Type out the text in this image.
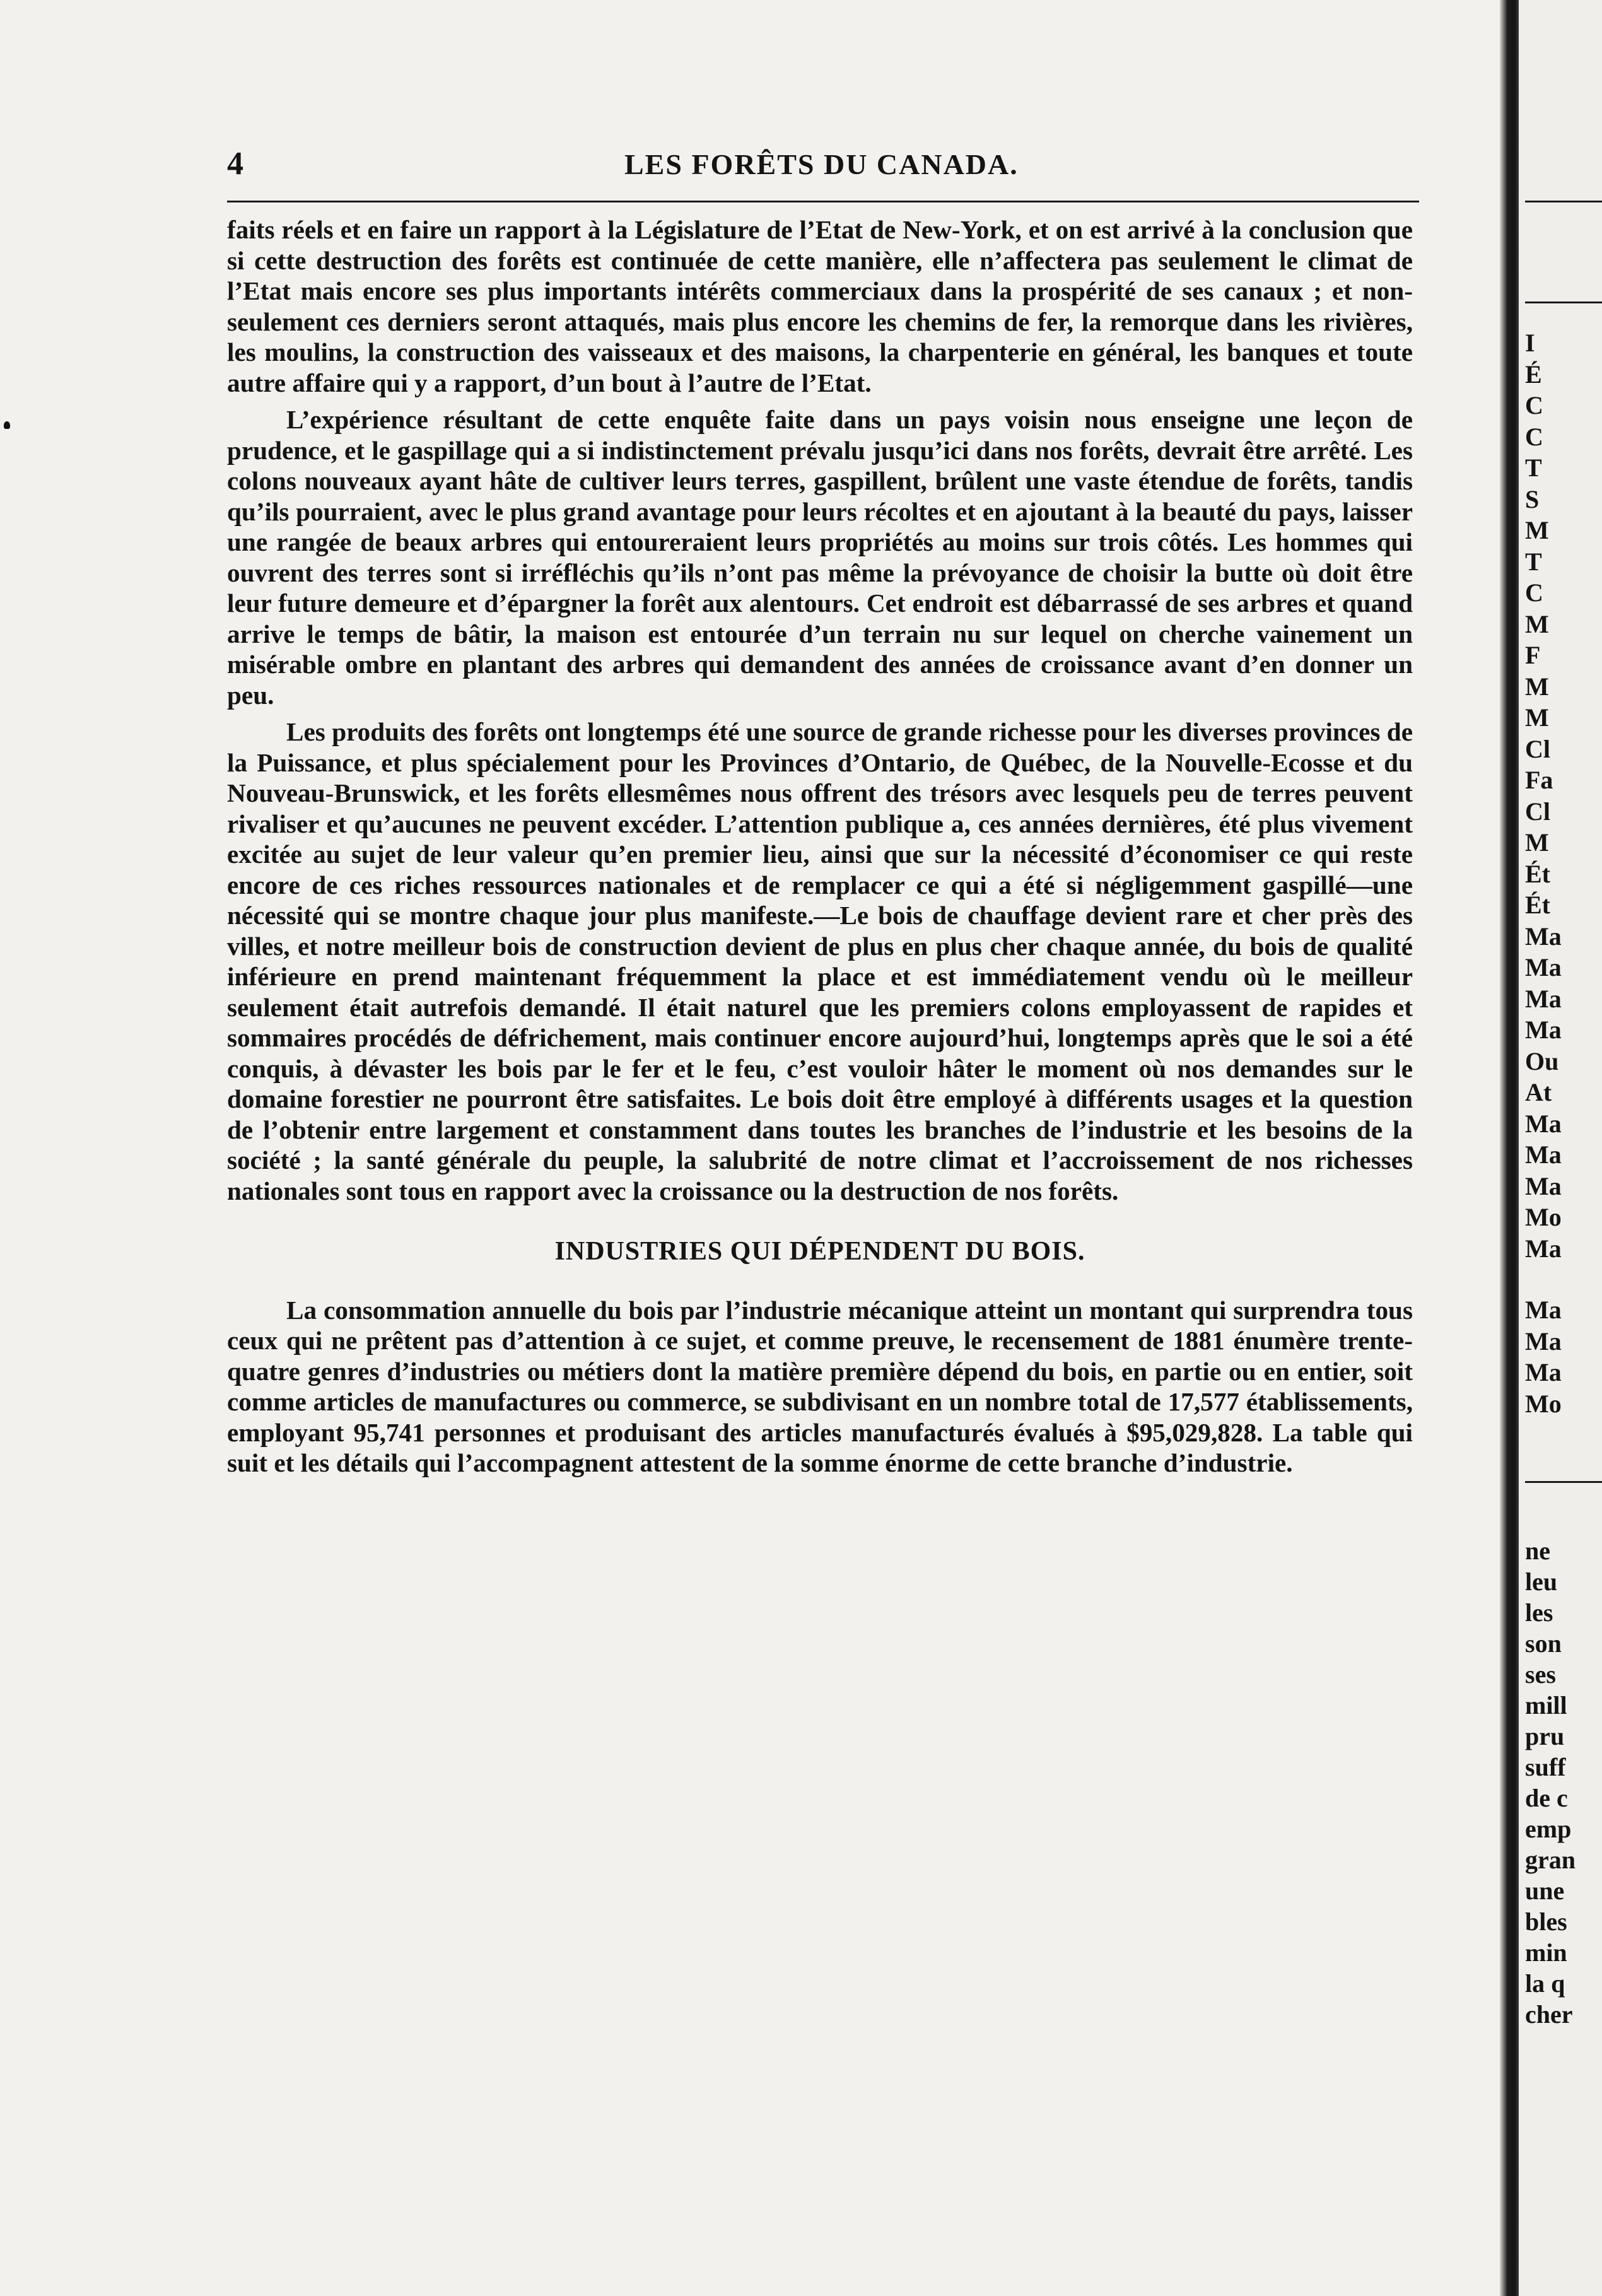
4	LES FORÊTS DU CANADA.

faits réels et en faire un rapport à la Législature de l’Etat de New-York, et on est arrivé à la conclusion que si cette destruction des forêts est continuée de cette manière, elle n’affectera pas seulement le climat de l’Etat mais encore ses plus importants intérêts commerciaux dans la prospérité de ses canaux ; et non-seulement ces derniers seront attaqués, mais plus encore les chemins de fer, la remorque dans les rivières, les moulins, la construction des vaisseaux et des maisons, la charpenterie en général, les banques et toute autre affaire qui y a rapport, d’un bout à l’autre de l’Etat.

L’expérience résultant de cette enquête faite dans un pays voisin nous enseigne une leçon de prudence, et le gaspillage qui a si indistinctement prévalu jusqu’ici dans nos forêts, devrait être arrêté. Les colons nouveaux ayant hâte de cultiver leurs terres, gaspillent, brûlent une vaste étendue de forêts, tandis qu’ils pourraient, avec le plus grand avantage pour leurs récoltes et en ajoutant à la beauté du pays, laisser une rangée de beaux arbres qui entoureraient leurs propriétés au moins sur trois côtés. Les hommes qui ouvrent des terres sont si irréfléchis qu’ils n’ont pas même la prévoyance de choisir la butte où doit être leur future demeure et d’épargner la forêt aux alentours. Cet endroit est débarrassé de ses arbres et quand arrive le temps de bâtir, la maison est entourée d’un terrain nu sur lequel on cherche vainement un misérable ombre en plantant des arbres qui demandent des années de croissance avant d’en donner un peu.

Les produits des forêts ont longtemps été une source de grande richesse pour les diverses provinces de la Puissance, et plus spécialement pour les Provinces d’Ontario, de Québec, de la Nouvelle-Ecosse et du Nouveau-Brunswick, et les forêts ellesmêmes nous offrent des trésors avec lesquels peu de terres peuvent rivaliser et qu’aucunes ne peuvent excéder. L’attention publique a, ces années dernières, été plus vivement excitée au sujet de leur valeur qu’en premier lieu, ainsi que sur la nécessité d’économiser ce qui reste encore de ces riches ressources nationales et de remplacer ce qui a été si négligemment gaspillé—une nécessité qui se montre chaque jour plus manifeste.—Le bois de chauffage devient rare et cher près des villes, et notre meilleur bois de construction devient de plus en plus cher chaque année, du bois de qualité inférieure en prend maintenant fréquemment la place et est immédiatement vendu où le meilleur seulement était autrefois demandé. Il était naturel que les premiers colons employassent de rapides et sommaires procédés de défrichement, mais continuer encore aujourd’hui, longtemps après que le soi a été conquis, à dévaster les bois par le fer et le feu, c’est vouloir hâter le moment où nos demandes sur le domaine forestier ne pourront être satisfaites. Le bois doit être employé à différents usages et la question de l’obtenir entre largement et constamment dans toutes les branches de l’industrie et les besoins de la société ; la santé générale du peuple, la salubrité de notre climat et l’accroissement de nos richesses nationales sont tous en rapport avec la croissance ou la destruction de nos forêts.

INDUSTRIES QUI DÉPENDENT DU BOIS.

La consommation annuelle du bois par l’industrie mécanique atteint un montant qui surprendra tous ceux qui ne prêtent pas d’attention à ce sujet, et comme preuve, le recensement de 1881 énumère trente-quatre genres d’industries ou métiers dont la matière première dépend du bois, en partie ou en entier, soit comme articles de manufactures ou commerce, se subdivisant en un nombre total de 17,577 établissements, employant 95,741 personnes et produisant des articles manufacturés évalués à $95,029,828. La table qui suit et les détails qui l’accompagnent attestent de la somme énorme de cette branche d’industrie.

I
É
C
C
T
S
M
T
C
M
F
M
M
Cl
Fa
Cl
M
Ét
Ét
Ma
Ma
Ma
Ma
Ou
At
Ma
Ma
Ma
Mo
Ma
Ma
Ma
Ma
Mo
ne
leu
les
son
ses
mill
pru
suff
de c
emp
gran
une
bles
min
la q
cher
